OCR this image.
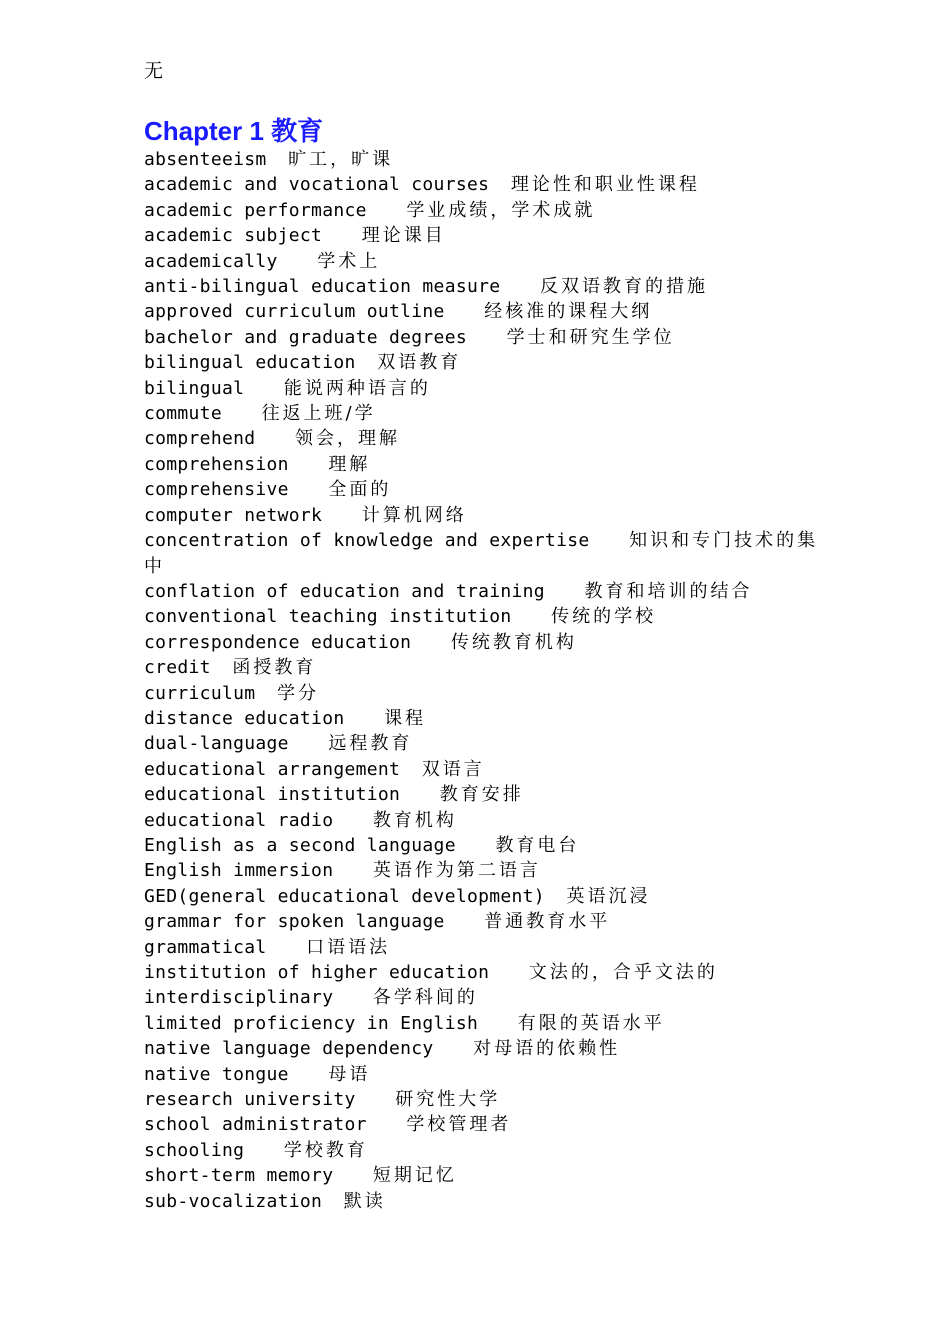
无
Chapter 1 教育
absenteeism 旷工，旷课
academic and vocational courses 理论性和职业性课程
academic performance 学业成绩，学术成就
academic subject 理论课目
academically 学术上
anti-bilingual education measure 反双语教育的措施
approved curriculum outline 经核准的课程大纲
bachelor and graduate degrees 学士和研究生学位
bilingual education 双语教育
bilingual 能说两种语言的
commute 往返上班/学
comprehend 领会，理解
comprehension 理解
comprehensive 全面的
computer network 计算机网络
concentration of knowledge and expertise 知识和专门技术的集中
conflation of education and training 教育和培训的结合
conventional teaching institution 传统的学校
correspondence education 传统教育机构
credit 函授教育
curriculum 学分
distance education 课程
dual-language 远程教育
educational arrangement 双语言
educational institution 教育安排
educational radio 教育机构
English as a second language 教育电台
English immersion 英语作为第二语言
GED(general educational development) 英语沉浸
grammar for spoken language 普通教育水平
grammatical 口语语法
institution of higher education 文法的，合乎文法的
interdisciplinary 各学科间的
limited proficiency in English 有限的英语水平
native language dependency 对母语的依赖性
native tongue 母语
research university 研究性大学
school administrator 学校管理者
schooling 学校教育
short-term memory 短期记忆
sub-vocalization 默读
